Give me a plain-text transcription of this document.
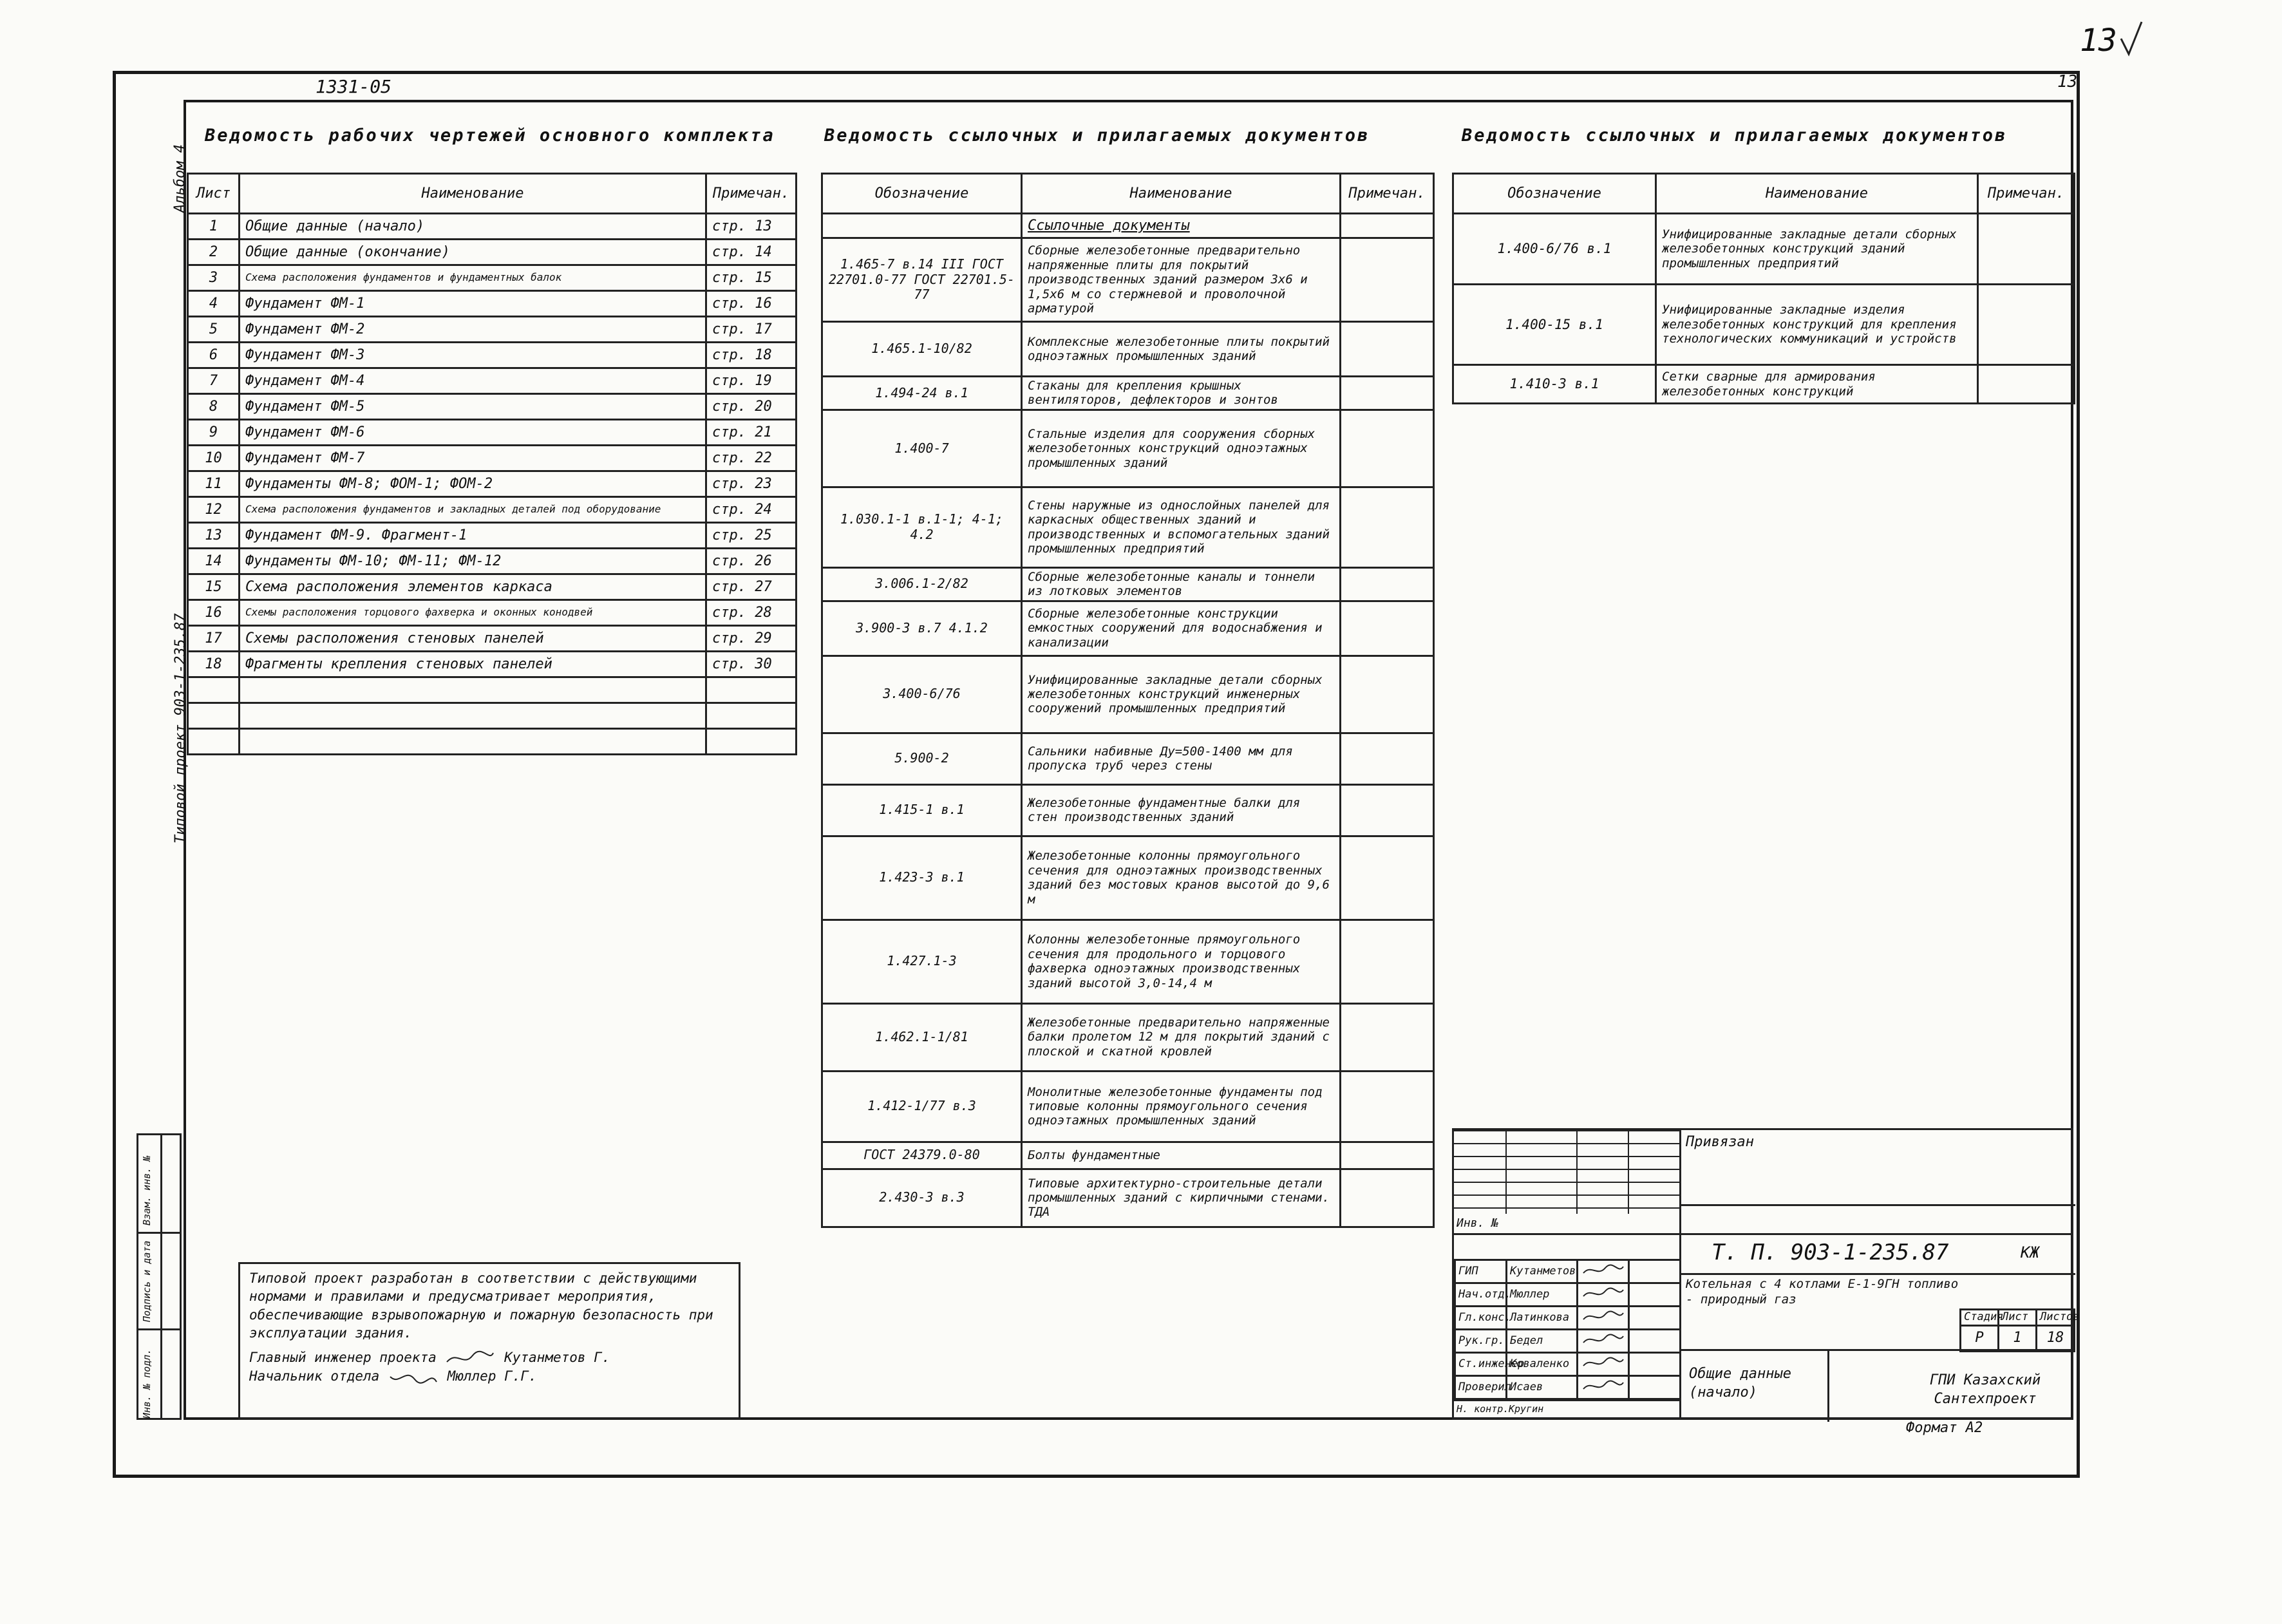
13
13
1331-05
Альбом 4
Типовой проект 903-1-235.87
Ведомость рабочих чертежей основного комплекта
Лист	Наименование	Примечан.
1	Общие данные (начало)	стр. 13
2	Общие данные (окончание)	стр. 14
3	Схема расположения фундаментов и фундаментных балок	стр. 15
4	Фундамент ФМ-1	стр. 16
5	Фундамент ФМ-2	стр. 17
6	Фундамент ФМ-3	стр. 18
7	Фундамент ФМ-4	стр. 19
8	Фундамент ФМ-5	стр. 20
9	Фундамент ФМ-6	стр. 21
10	Фундамент ФМ-7	стр. 22
11	Фундаменты ФМ-8; ФОМ-1; ФОМ-2	стр. 23
12	Схема расположения фундаментов и закладных деталей под оборудование	стр. 24
13	Фундамент ФМ-9. Фрагмент-1	стр. 25
14	Фундаменты ФМ-10; ФМ-11; ФМ-12	стр. 26
15	Схема расположения элементов каркаса	стр. 27
16	Схемы расположения торцового фахверка и оконных конодвей	стр. 28
17	Схемы расположения стеновых панелей	стр. 29
18	Фрагменты крепления стеновых панелей	стр. 30

Ведомость ссылочных и прилагаемых документов
Обозначение	Наименование	Примечан.
	Ссылочные документы	
1.465-7 в.14 III ГОСТ 22701.0-77 ГОСТ 22701.5-77	Сборные железобетонные предварительно напряженные плиты для покрытий производственных зданий размером 3х6 и 1,5х6 м со стержневой и проволочной арматурой	
1.465.1-10/82	Комплексные железобетонные плиты покрытий одноэтажных промышленных зданий	
1.494-24 в.1	Стаканы для крепления крышных вентиляторов, дефлекторов и зонтов	
1.400-7	Стальные изделия для сооружения сборных железобетонных конструкций одноэтажных промышленных зданий	
1.030.1-1 в.1-1; 4-1; 4.2	Стены наружные из однослойных панелей для каркасных общественных зданий и производственных и вспомогательных зданий промышленных предприятий	
3.006.1-2/82	Сборные железобетонные каналы и тоннели из лотковых элементов	
3.900-3 в.7 4.1.2	Сборные железобетонные конструкции емкостных сооружений для водоснабжения и канализации	
3.400-6/76	Унифицированные закладные детали сборных железобетонных конструкций инженерных сооружений промышленных предприятий	
5.900-2	Сальники набивные Ду=500-1400 мм для пропуска труб через стены	
1.415-1 в.1	Железобетонные фундаментные балки для стен производственных зданий	
1.423-3 в.1	Железобетонные колонны прямоугольного сечения для одноэтажных производственных зданий без мостовых кранов высотой до 9,6 м	
1.427.1-3	Колонны железобетонные прямоугольного сечения для продольного и торцового фахверка одноэтажных производственных зданий высотой 3,0-14,4 м	
1.462.1-1/81	Железобетонные предварительно напряженные балки пролетом 12 м для покрытий зданий с плоской и скатной кровлей	
1.412-1/77 в.3	Монолитные железобетонные фундаменты под типовые колонны прямоугольного сечения одноэтажных промышленных зданий	
ГОСТ 24379.0-80	Болты фундаментные	
2.430-3 в.3	Типовые архитектурно-строительные детали промышленных зданий с кирпичными стенами. ТДА	
Ведомость ссылочных и прилагаемых документов
Обозначение	Наименование	Примечан.
1.400-6/76 в.1	Унифицированные закладные детали сборных железобетонных конструкций зданий промышленных предприятий	
1.400-15 в.1	Унифицированные закладные изделия железобетонных конструкций для крепления технологических коммуникаций и устройств	
1.410-3 в.1	Сетки сварные для армирования железобетонных конструкций	
Инв. № подл.
Подпись и дата
Взам. инв. №
Типовой проект разработан в соответствии с действующими нормами и правилами и предусматривает мероприятия, обеспечивающие взрывопожарную и пожарную безопасность при эксплуатации здания.
Главный инженер проекта	Кутанметов Г.
Начальник отдела	Мюллер Г.Г.
Привязан
Инв. №
Т. П. 903-1-235.87	КЖ
Котельная с 4 котлами Е-1-9ГН топливо - природный газ
ГИП	Кутанметов		
Нач.отд.	Мюллер		
Гл.конс.	Латинкова		
Рук.гр.	Бедел		
Ст.инженер	Коваленко		
Проверил	Исаев		
Стадия	Лист	Листов
Р	1	18
Общие данные (начало)
ГПИ Казахский Сантехпроект
Н. контр. Кругин
Формат А2
